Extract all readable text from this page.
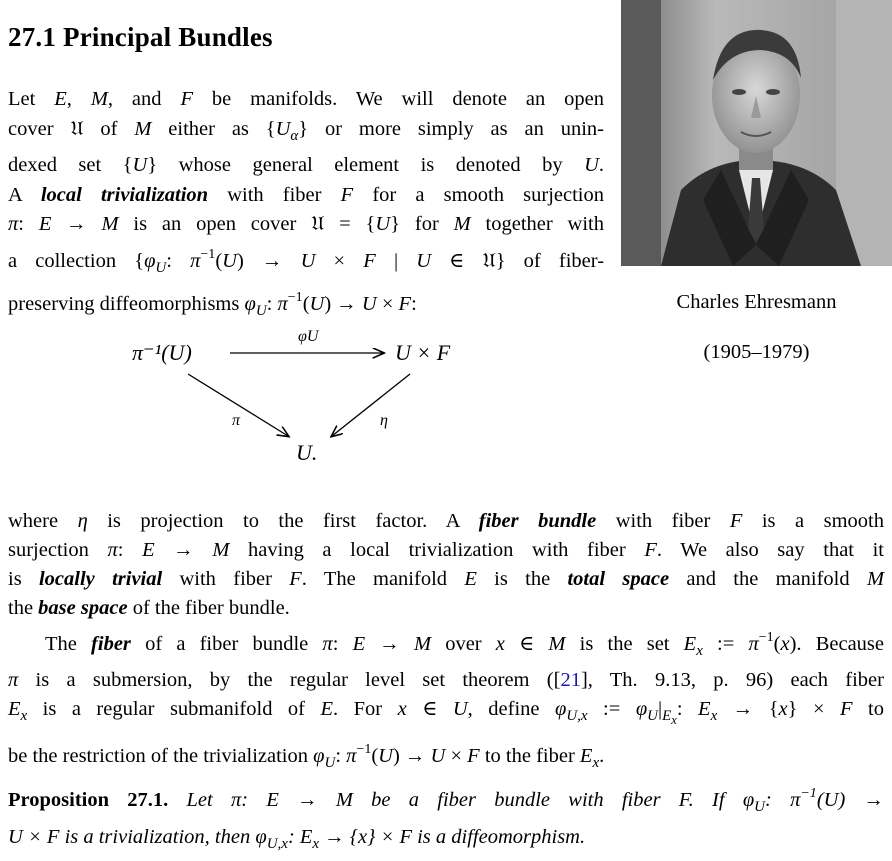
27.1 Principal Bundles
Let E, M, and F be manifolds. We will denote an open
cover 𝔘 of M either as $\{U_\alpha\}$ or more simply as an unin-
dexed set {U} whose general element is denoted by U.
A local trivialization with fiber F for a smooth surjection
π: E → M is an open cover 𝔘 = {U} for M together with
a collection {$\varphi_U$: $\pi^{-1}(U) \to U \times F$ | U ∈ 𝔘} of fiber-
preserving diffeomorphisms $\varphi_U$: $\pi^{-1}(U) \to U \times F$:	Charles Ehresmann

(1905–1979)

π⁻¹(U)	U × F
U.
φU
π	η
where η is projection to the first factor. A fiber bundle with fiber F is a smooth
surjection π: E → M having a local trivialization with fiber F. We also say that it
is locally trivial with fiber F. The manifold E is the total space and the manifold M
the base space of the fiber bundle.
The fiber of a fiber bundle π: E → M over x ∈ M is the set $E_x$ := $\pi^{-1}(x)$. Because
π is a submersion, by the regular level set theorem ([21], Th. 9.13, p. 96) each fiber
$E_x$ is a regular submanifold of E. For x ∈ U, define $\varphi_{U,x}$ := $\varphi_U|_{E_x}$: $E_x \to \{x\} \times F$ to
be the restriction of the trivialization $\varphi_U$: $\pi^{-1}(U) \to U \times F$ to the fiber $E_x$.
Proposition 27.1. Let π: E → M be a fiber bundle with fiber F. If $\varphi_U$: $\pi^{-1}(U)$ →
U × F is a trivialization, then $\varphi_{U,x}$: $E_x \to \{x\} \times F$ is a diffeomorphism.
